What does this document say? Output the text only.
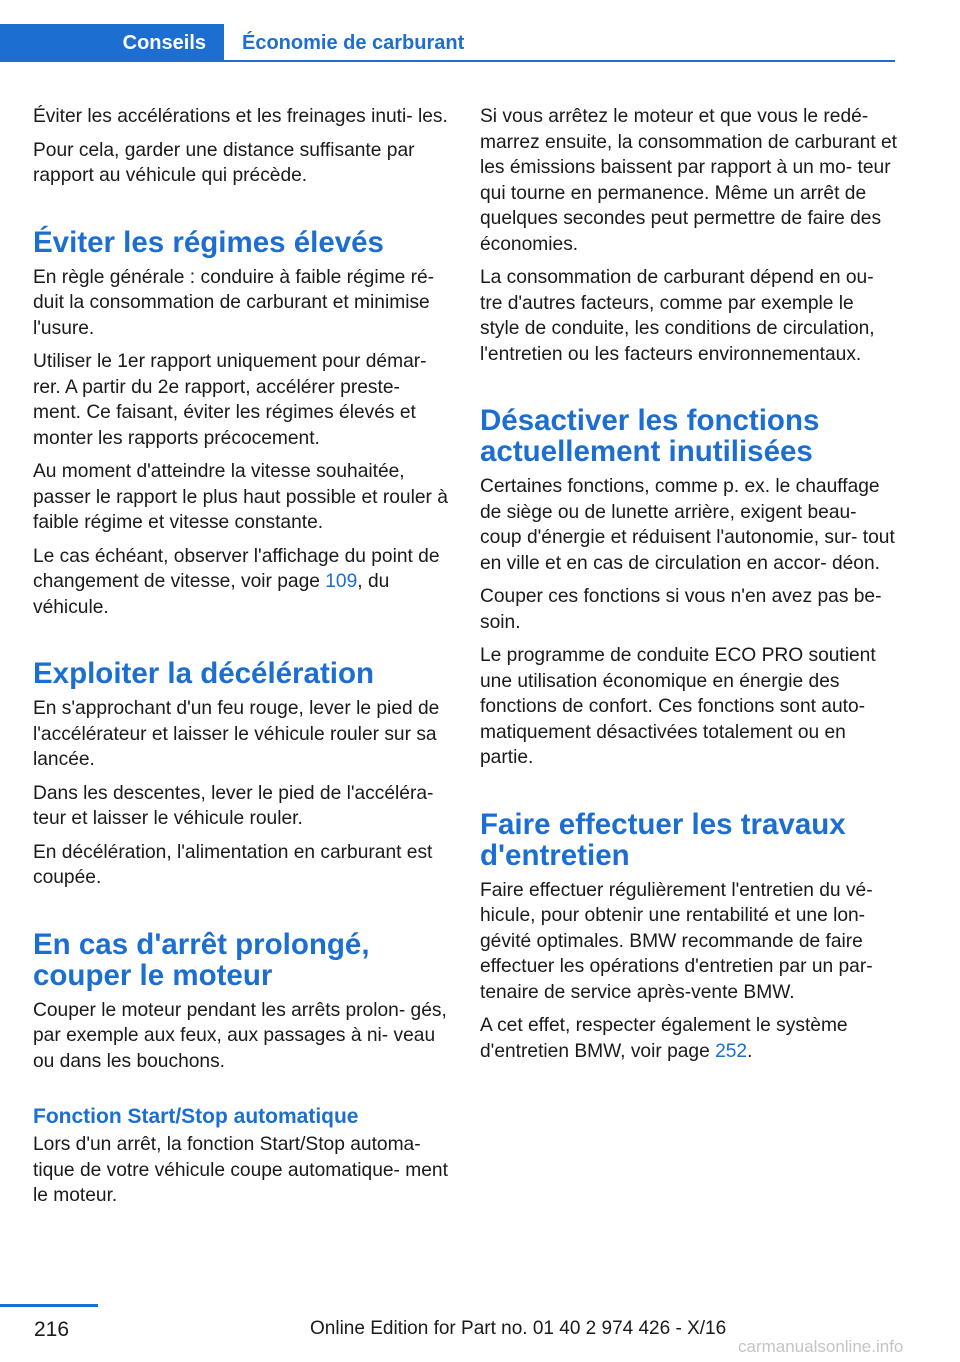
Conseils	Économie de carburant

Éviter les accélérations et les freinages inuti‐ les.

Pour cela, garder une distance suffisante par rapport au véhicule qui précède.

Éviter les régimes élevés

En règle générale : conduire à faible régime ré‐ duit la consommation de carburant et minimise l'usure.

Utiliser le 1er rapport uniquement pour démar‐ rer. A partir du 2e rapport, accélérer preste‐ ment. Ce faisant, éviter les régimes élevés et monter les rapports précocement.

Au moment d'atteindre la vitesse souhaitée, passer le rapport le plus haut possible et rouler à faible régime et vitesse constante.

Le cas échéant, observer l'affichage du point de changement de vitesse, voir page 109, du véhicule.

Exploiter la décélération

En s'approchant d'un feu rouge, lever le pied de l'accélérateur et laisser le véhicule rouler sur sa lancée.

Dans les descentes, lever le pied de l'accéléra‐ teur et laisser le véhicule rouler.

En décélération, l'alimentation en carburant est coupée.

En cas d'arrêt prolongé, couper le moteur

Couper le moteur pendant les arrêts prolon‐ gés, par exemple aux feux, aux passages à ni‐ veau ou dans les bouchons.

Fonction Start/Stop automatique

Lors d'un arrêt, la fonction Start/Stop automa‐ tique de votre véhicule coupe automatique‐ ment le moteur.

Si vous arrêtez le moteur et que vous le redé‐ marrez ensuite, la consommation de carburant et les émissions baissent par rapport à un mo‐ teur qui tourne en permanence. Même un arrêt de quelques secondes peut permettre de faire des économies.

La consommation de carburant dépend en ou‐ tre d'autres facteurs, comme par exemple le style de conduite, les conditions de circulation, l'entretien ou les facteurs environnementaux.

Désactiver les fonctions actuellement inutilisées

Certaines fonctions, comme p. ex. le chauffage de siège ou de lunette arrière, exigent beau‐ coup d'énergie et réduisent l'autonomie, sur‐ tout en ville et en cas de circulation en accor‐ déon.

Couper ces fonctions si vous n'en avez pas be‐ soin.

Le programme de conduite ECO PRO soutient une utilisation économique en énergie des fonctions de confort. Ces fonctions sont auto‐ matiquement désactivées totalement ou en partie.

Faire effectuer les travaux d'entretien

Faire effectuer régulièrement l'entretien du vé‐ hicule, pour obtenir une rentabilité et une lon‐ gévité optimales. BMW recommande de faire effectuer les opérations d'entretien par un par‐ tenaire de service après-vente BMW.

A cet effet, respecter également le système d'entretien BMW, voir page 252.

216	Online Edition for Part no. 01 40 2 974 426 - X/16
carmanualsonline.info
